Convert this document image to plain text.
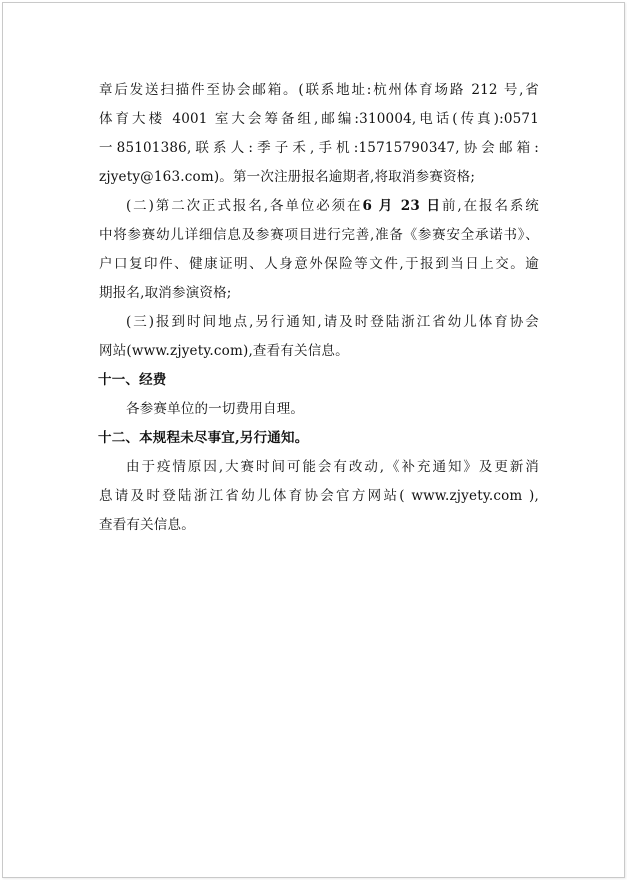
章后发送扫描件至协会邮箱。(联系地址:杭州体育场路 212 号,省
体育大楼 4001 室大会筹备组,邮编:310004,电话(传真):0571
一85101386,联系人:季子禾,手机:15715790347,协会邮箱:
zjyety@163.com)。第一次注册报名逾期者,将取消参赛资格;
(二)第二次正式报名,各单位必须在6 月 23 日前,在报名系统
中将参赛幼儿详细信息及参赛项目进行完善,准备《参赛安全承诺书》、
户口复印件、健康证明、人身意外保险等文件,于报到当日上交。逾
期报名,取消参演资格;
(三)报到时间地点,另行通知,请及时登陆浙江省幼儿体育协会
网站(www.zjyety.com),查看有关信息。
十一、经费
各参赛单位的一切费用自理。
十二、本规程未尽事宜,另行通知。
由于疫情原因,大赛时间可能会有改动,《补充通知》及更新消
息请及时登陆浙江省幼儿体育协会官方网站( www.zjyety.com ),
查看有关信息。
